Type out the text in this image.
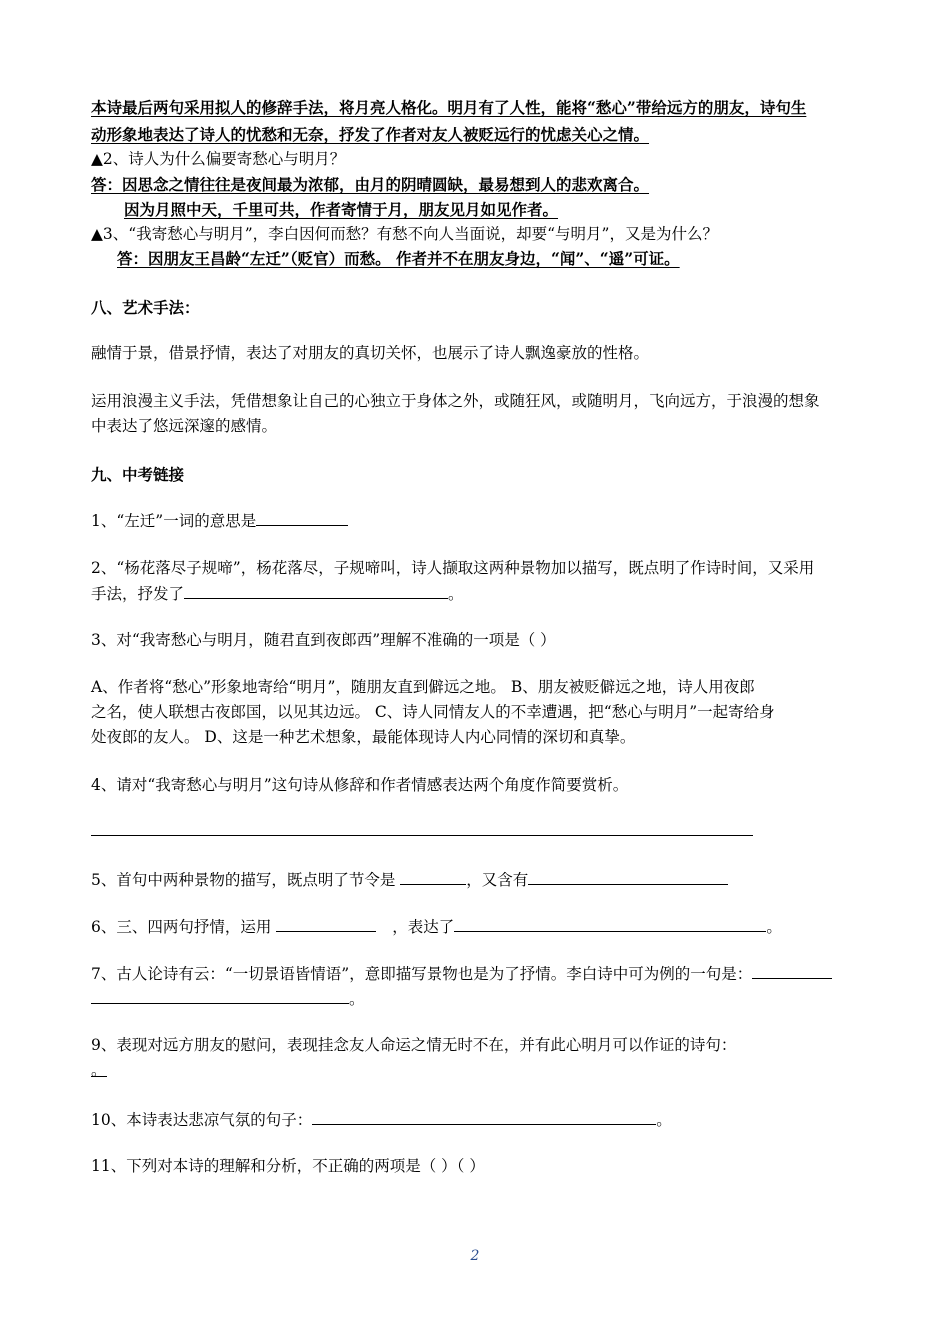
本诗最后两句采用拟人的修辞手法，将月亮人格化。明月有了人性，能将“愁心”带给远方的朋友，诗句生
动形象地表达了诗人的忧愁和无奈，抒发了作者对友人被贬远行的忧虑关心之情。
▲2、诗人为什么偏要寄愁心与明月？
答：因思念之情往往是夜间最为浓郁，由月的阴晴圆缺，最易想到人的悲欢离合。
因为月照中天，千里可共，作者寄情于月，朋友见月如见作者。
▲3、“我寄愁心与明月”，李白因何而愁？有愁不向人当面说，却要“与明月”，又是为什么？
答：因朋友王昌龄“左迁”（贬官）而愁。 作者并不在朋友身边，“闻”、“遥”可证。
八、艺术手法：
融情于景，借景抒情，表达了对朋友的真切关怀，也展示了诗人飘逸豪放的性格。
运用浪漫主义手法，凭借想象让自己的心独立于身体之外，或随狂风，或随明月，飞向远方，于浪漫的想象
中表达了悠远深邃的感情。
九、中考链接
1、“左迁”一词的意思是
2、“杨花落尽子规啼”，杨花落尽，子规啼叫，诗人撷取这两种景物加以描写，既点明了作诗时间，又采用
手法，抒发了	。
3、对“我寄愁心与明月，随君直到夜郎西”理解不准确的一项是（ ）
A、作者将“愁心”形象地寄给“明月”，随朋友直到僻远之地。 B、朋友被贬僻远之地，诗人用夜郎
之名，使人联想古夜郎国，以见其边远。 C、诗人同情友人的不幸遭遇，把“愁心与明月”一起寄给身
处夜郎的友人。 D、这是一种艺术想象，最能体现诗人内心同情的深切和真挚。
4、请对“我寄愁心与明月”这句诗从修辞和作者情感表达两个角度作简要赏析。
5、首句中两种景物的描写，既点明了节令是	，又含有
6、三、四两句抒情，运用	，表达了	。
7、古人论诗有云：“一切景语皆情语”，意即描写景物也是为了抒情。李白诗中可为例的一句是：
。
9、表现对远方朋友的慰问，表现挂念友人命运之情无时不在，并有此心明月可以作证的诗句：
。
10、本诗表达悲凉气氛的句子：	。
11、下列对本诗的理解和分析，不正确的两项是（ ）（ ）
2
